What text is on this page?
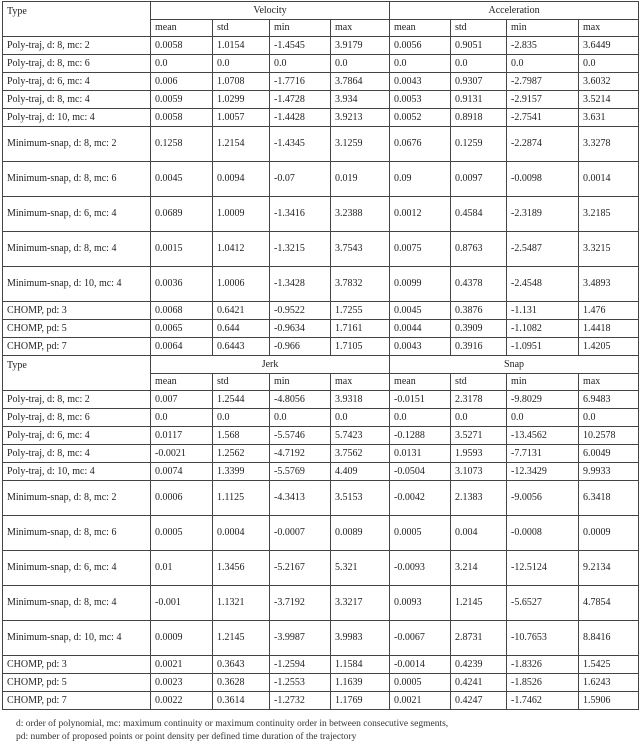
Type	Velocity				Acceleration			
	mean	std	min	max	mean	std	min	max
Poly-traj, d: 8, mc: 2	0.0058	1.0154	-1.4545	3.9179	0.0056	0.9051	-2.835	3.6449
Poly-traj, d: 8, mc: 6	0.0	0.0	0.0	0.0	0.0	0.0	0.0	0.0
Poly-traj, d: 6, mc: 4	0.006	1.0708	-1.7716	3.7864	0.0043	0.9307	-2.7987	3.6032
Poly-traj, d: 8, mc: 4	0.0059	1.0299	-1.4728	3.934	0.0053	0.9131	-2.9157	3.5214
Poly-traj, d: 10, mc: 4	0.0058	1.0057	-1.4428	3.9213	0.0052	0.8918	-2.7541	3.631
Minimum-snap, d: 8, mc: 2	0.1258	1.2154	-1.4345	3.1259	0.0676	0.1259	-2.2874	3.3278
Minimum-snap, d: 8, mc: 6	0.0045	0.0094	-0.07	0.019	0.09	0.0097	-0.0098	0.0014
Minimum-snap, d: 6, mc: 4	0.0689	1.0009	-1.3416	3.2388	0.0012	0.4584	-2.3189	3.2185
Minimum-snap, d: 8, mc: 4	0.0015	1.0412	-1.3215	3.7543	0.0075	0.8763	-2.5487	3.3215
Minimum-snap, d: 10, mc: 4	0.0036	1.0006	-1.3428	3.7832	0.0099	0.4378	-2.4548	3.4893
CHOMP, pd: 3	0.0068	0.6421	-0.9522	1.7255	0.0045	0.3876	-1.131	1.476
CHOMP, pd: 5	0.0065	0.644	-0.9634	1.7161	0.0044	0.3909	-1.1082	1.4418
CHOMP, pd: 7	0.0064	0.6443	-0.966	1.7105	0.0043	0.3916	-1.0951	1.4205
Type	Jerk				Snap			
	mean	std	min	max	mean	std	min	max
Poly-traj, d: 8, mc: 2	0.007	1.2544	-4.8056	3.9318	-0.0151	2.3178	-9.8029	6.9483
Poly-traj, d: 8, mc: 6	0.0	0.0	0.0	0.0	0.0	0.0	0.0	0.0
Poly-traj, d: 6, mc: 4	0.0117	1.568	-5.5746	5.7423	-0.1288	3.5271	-13.4562	10.2578
Poly-traj, d: 8, mc: 4	-0.0021	1.2562	-4.7192	3.7562	0.0131	1.9593	-7.7131	6.0049
Poly-traj, d: 10, mc: 4	0.0074	1.3399	-5.5769	4.409	-0.0504	3.1073	-12.3429	9.9933
Minimum-snap, d: 8, mc: 2	0.0006	1.1125	-4.3413	3.5153	-0.0042	2.1383	-9.0056	6.3418
Minimum-snap, d: 8, mc: 6	0.0005	0.0004	-0.0007	0.0089	0.0005	0.004	-0.0008	0.0009
Minimum-snap, d: 6, mc: 4	0.01	1.3456	-5.2167	5.321	-0.0093	3.214	-12.5124	9.2134
Minimum-snap, d: 8, mc: 4	-0.001	1.1321	-3.7192	3.3217	0.0093	1.2145	-5.6527	4.7854
Minimum-snap, d: 10, mc: 4	0.0009	1.2145	-3.9987	3.9983	-0.0067	2.8731	-10.7653	8.8416
CHOMP, pd: 3	0.0021	0.3643	-1.2594	1.1584	-0.0014	0.4239	-1.8326	1.5425
CHOMP, pd: 5	0.0023	0.3628	-1.2553	1.1639	0.0005	0.4241	-1.8526	1.6243
CHOMP, pd: 7	0.0022	0.3614	-1.2732	1.1769	0.0021	0.4247	-1.7462	1.5906
d: order of polynomial, mc: maximum continuity or maximum continuity order in between consecutive segments,
pd: number of proposed points or point density per defined time duration of the trajectory
